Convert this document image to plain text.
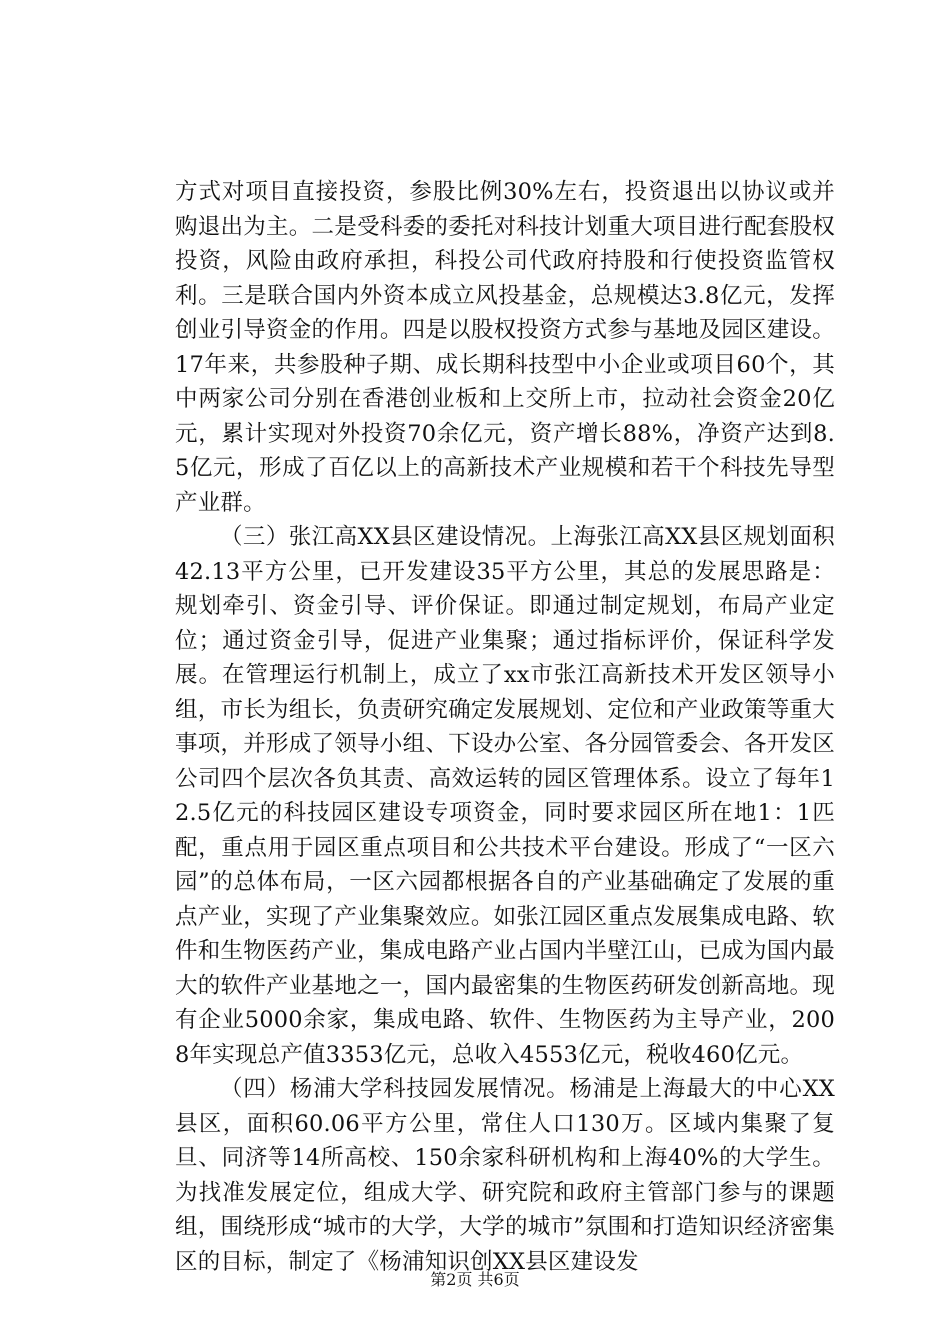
方式对项目直接投资，参股比例30%左右，投资退出以协议或并购退出为主。二是受科委的委托对科技计划重大项目进行配套股权投资，风险由政府承担，科投公司代政府持股和行使投资监管权利。三是联合国内外资本成立风投基金，总规模达3.8亿元，发挥创业引导资金的作用。四是以股权投资方式参与基地及园区建设。17年来，共参股种子期、成长期科技型中小企业或项目60个，其中两家公司分别在香港创业板和上交所上市，拉动社会资金20亿元，累计实现对外投资70余亿元，资产增长88%，净资产达到8.5亿元，形成了百亿以上的高新技术产业规模和若干个科技先导型产业群。

（三）张江高XX县区建设情况。上海张江高XX县区规划面积42.13平方公里，已开发建设35平方公里，其总的发展思路是：规划牵引、资金引导、评价保证。即通过制定规划，布局产业定位；通过资金引导，促进产业集聚；通过指标评价，保证科学发展。在管理运行机制上，成立了xx市张江高新技术开发区领导小组，市长为组长，负责研究确定发展规划、定位和产业政策等重大事项，并形成了领导小组、下设办公室、各分园管委会、各开发区公司四个层次各负其责、高效运转的园区管理体系。设立了每年12.5亿元的科技园区建设专项资金，同时要求园区所在地1：1匹配，重点用于园区重点项目和公共技术平台建设。形成了“一区六园”的总体布局，一区六园都根据各自的产业基础确定了发展的重点产业，实现了产业集聚效应。如张江园区重点发展集成电路、软件和生物医药产业，集成电路产业占国内半壁江山，已成为国内最大的软件产业基地之一，国内最密集的生物医药研发创新高地。现有企业5000余家，集成电路、软件、生物医药为主导产业，2008年实现总产值3353亿元，总收入4553亿元，税收460亿元。

（四）杨浦大学科技园发展情况。杨浦是上海最大的中心XX县区，面积60.06平方公里，常住人口130万。区域内集聚了复旦、同济等14所高校、150余家科研机构和上海40%的大学生。为找准发展定位，组成大学、研究院和政府主管部门参与的课题组，围绕形成“城市的大学，大学的城市”氛围和打造知识经济密集区的目标，制定了《杨浦知识创XX县区建设发

第2页 共6页
